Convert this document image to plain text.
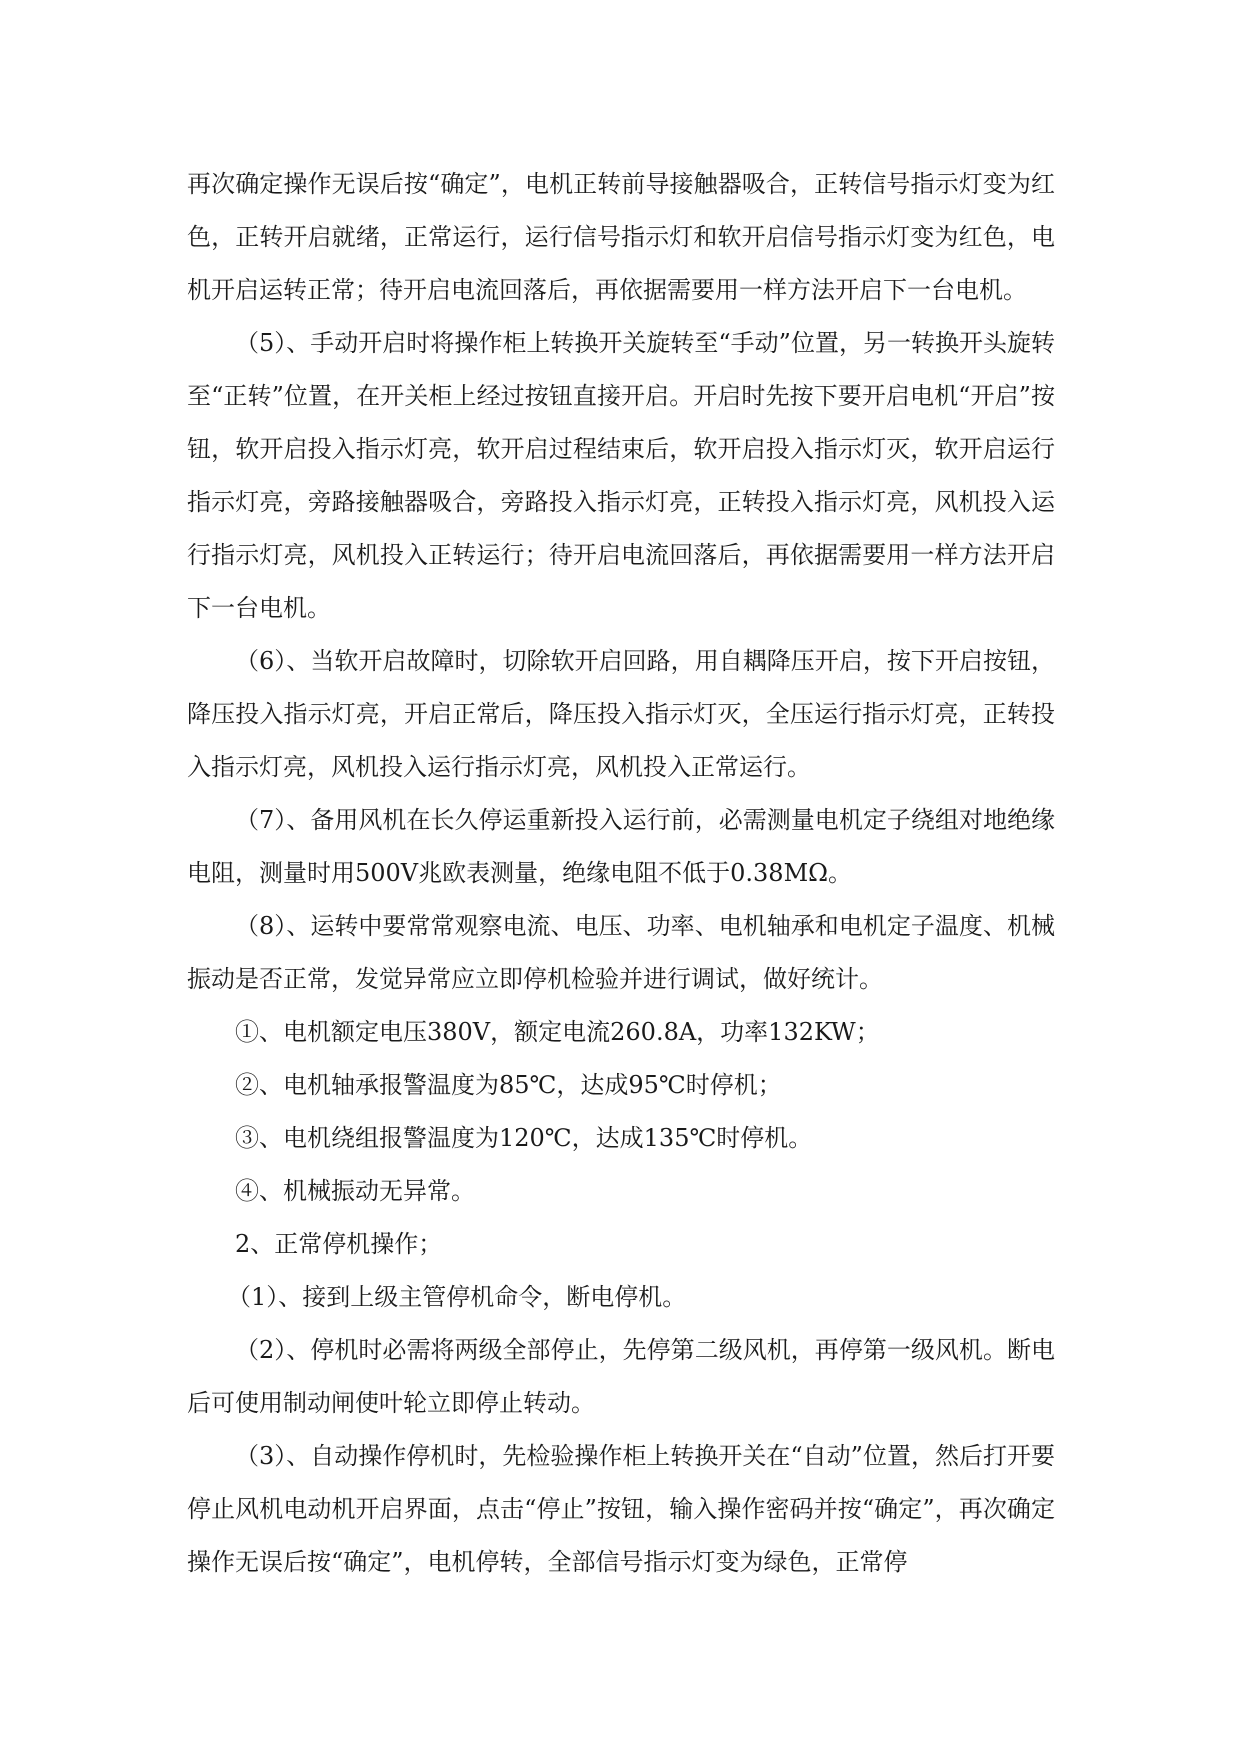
再次确定操作无误后按“确定”，电机正转前导接触器吸合，正转信号指示灯变为红色，正转开启就绪，正常运行，运行信号指示灯和软开启信号指示灯变为红色，电机开启运转正常；待开启电流回落后，再依据需要用一样方法开启下一台电机。

（5）、手动开启时将操作柜上转换开关旋转至“手动”位置，另一转换开头旋转至“正转”位置，在开关柜上经过按钮直接开启。开启时先按下要开启电机“开启”按钮，软开启投入指示灯亮，软开启过程结束后，软开启投入指示灯灭，软开启运行指示灯亮，旁路接触器吸合，旁路投入指示灯亮，正转投入指示灯亮，风机投入运行指示灯亮，风机投入正转运行；待开启电流回落后，再依据需要用一样方法开启下一台电机。

（6）、当软开启故障时，切除软开启回路，用自耦降压开启，按下开启按钮，降压投入指示灯亮，开启正常后，降压投入指示灯灭，全压运行指示灯亮，正转投入指示灯亮，风机投入运行指示灯亮，风机投入正常运行。

（7）、备用风机在长久停运重新投入运行前，必需测量电机定子绕组对地绝缘电阻，测量时用500V兆欧表测量，绝缘电阻不低于0.38MΩ。

（8）、运转中要常常观察电流、电压、功率、电机轴承和电机定子温度、机械振动是否正常，发觉异常应立即停机检验并进行调试，做好统计。

①、电机额定电压380V，额定电流260.8A，功率132KW；

②、电机轴承报警温度为85℃，达成95℃时停机；

③、电机绕组报警温度为120℃，达成135℃时停机。

④、机械振动无异常。

2、正常停机操作；

（1）、接到上级主管停机命令，断电停机。

（2）、停机时必需将两级全部停止，先停第二级风机，再停第一级风机。断电后可使用制动闸使叶轮立即停止转动。

（3）、自动操作停机时，先检验操作柜上转换开关在“自动”位置，然后打开要停止风机电动机开启界面，点击“停止”按钮，输入操作密码并按“确定”，再次确定操作无误后按“确定”，电机停转，全部信号指示灯变为绿色，正常停
